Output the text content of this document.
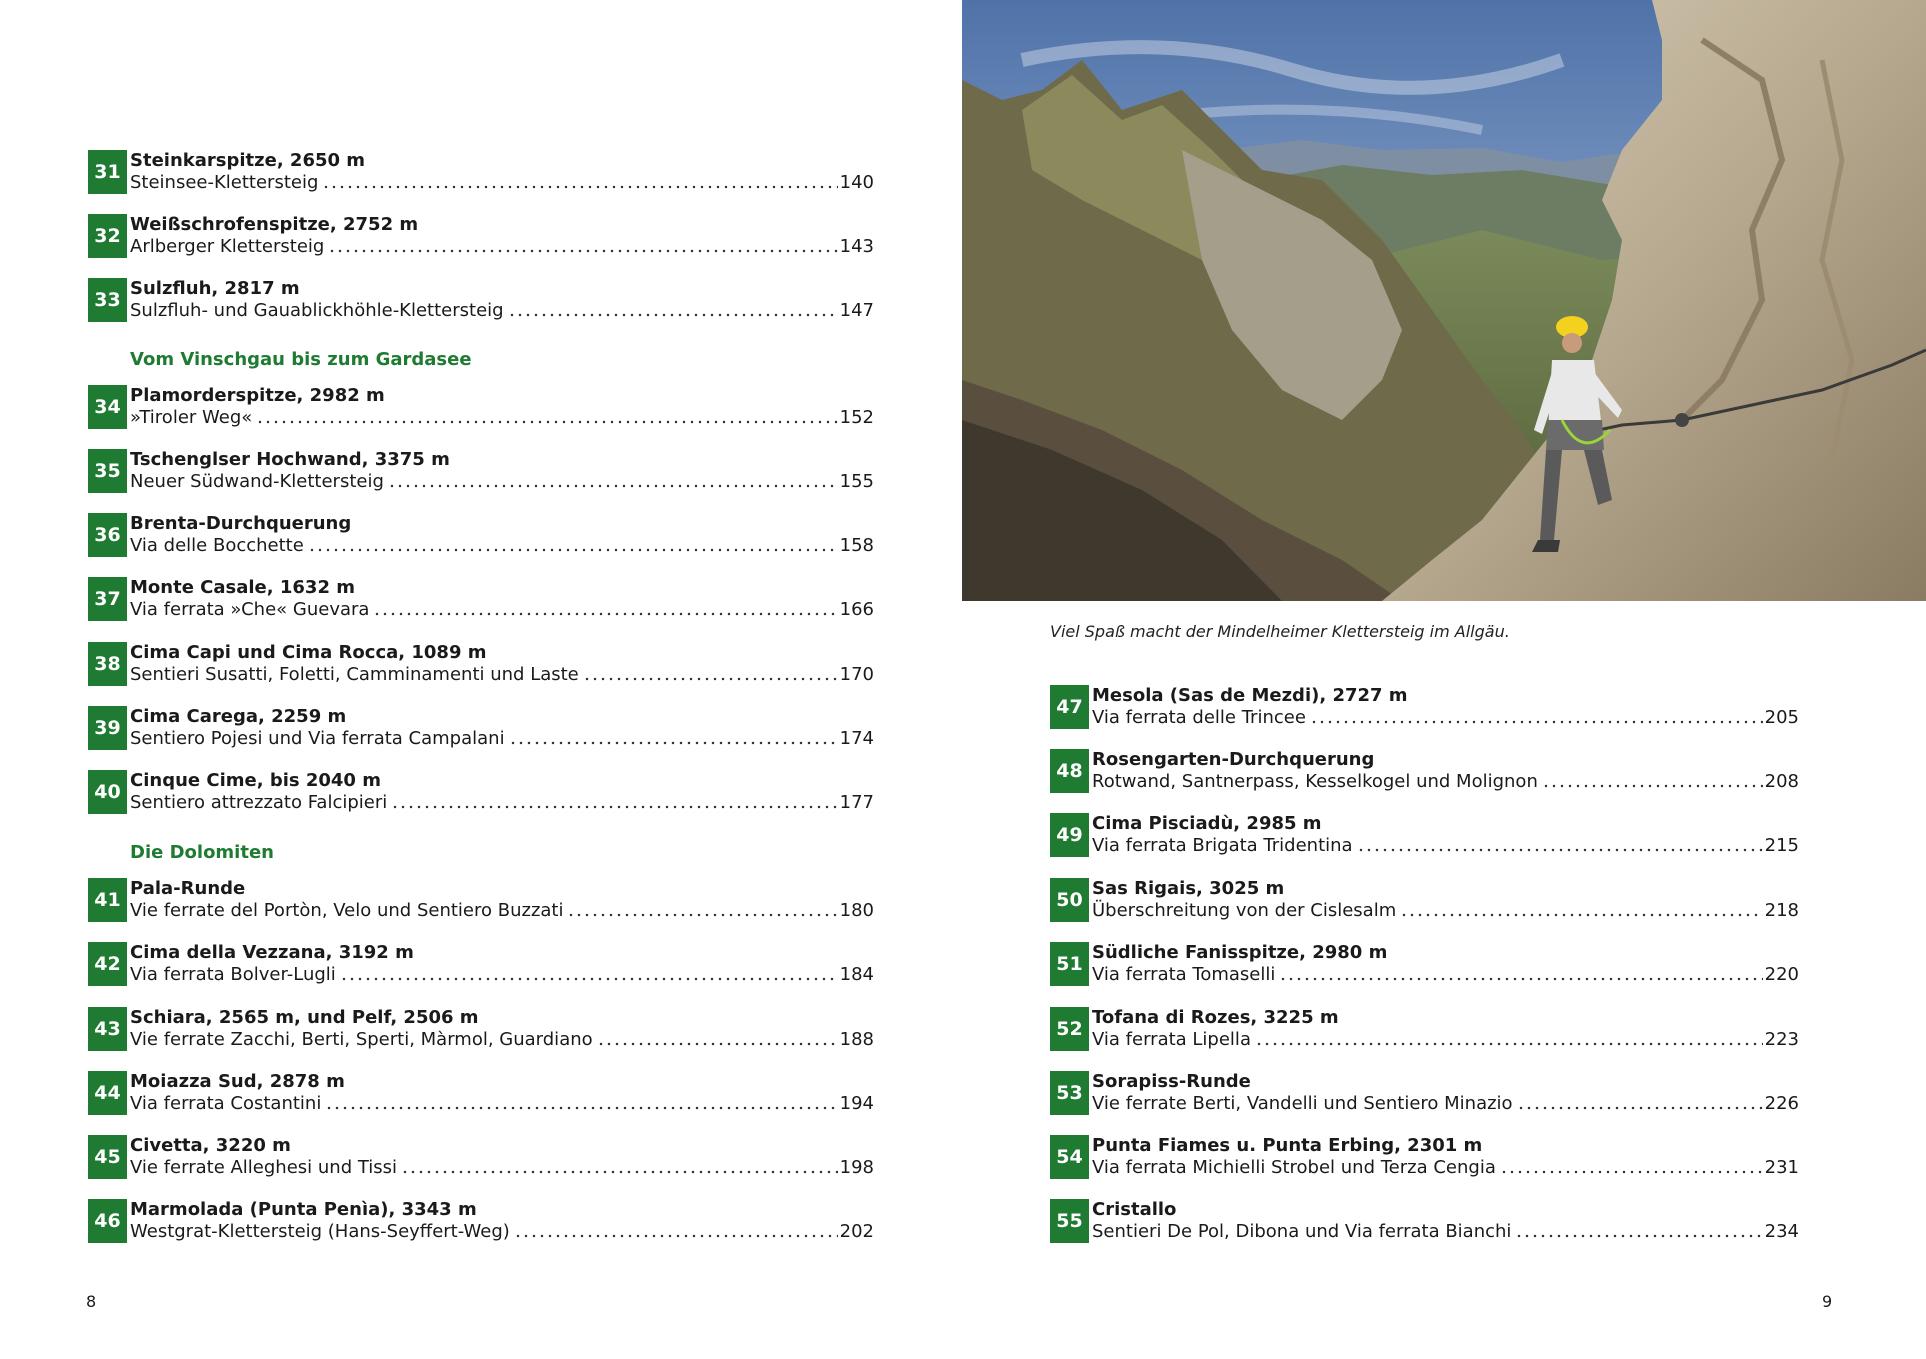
31
Steinkarspitze, 2650 m
Steinsee-Klettersteig	140
32
Weißschrofenspitze, 2752 m
Arlberger Klettersteig	143
33
Sulzfluh, 2817 m
Sulzfluh- und Gauablickhöhle-Klettersteig	147
Vom Vinschgau bis zum Gardasee
34
Plamorderspitze, 2982 m
»Tiroler Weg«	152
35
Tschenglser Hochwand, 3375 m
Neuer Südwand-Klettersteig	155
36
Brenta-Durchquerung
Via delle Bocchette	158
37
Monte Casale, 1632 m
Via ferrata »Che« Guevara	166
38
Cima Capi und Cima Rocca, 1089 m
Sentieri Susatti, Foletti, Camminamenti und Laste	170
39
Cima Carega, 2259 m
Sentiero Pojesi und Via ferrata Campalani	174
40
Cinque Cime, bis 2040 m
Sentiero attrezzato Falcipieri	177
Die Dolomiten
41
Pala-Runde
Vie ferrate del Portòn, Velo und Sentiero Buzzati	180
42
Cima della Vezzana, 3192 m
Via ferrata Bolver-Lugli	184
43
Schiara, 2565 m, und Pelf, 2506 m
Vie ferrate Zacchi, Berti, Sperti, Màrmol, Guardiano	188
44
Moiazza Sud, 2878 m
Via ferrata Costantini	194
45
Civetta, 3220 m
Vie ferrate Alleghesi und Tissi	198
46
Marmolada (Punta Penìa), 3343 m
Westgrat-Klettersteig (Hans-Seyffert-Weg)	202
8
Viel Spaß macht der Mindelheimer Klettersteig im Allgäu.
47
Mesola (Sas de Mezdi), 2727 m
Via ferrata delle Trincee	205
48
Rosengarten-Durchquerung
Rotwand, Santnerpass, Kesselkogel und Molignon	208
49
Cima Pisciadù, 2985 m
Via ferrata Brigata Tridentina	215
50
Sas Rigais, 3025 m
Überschreitung von der Cislesalm	218
51
Südliche Fanisspitze, 2980 m
Via ferrata Tomaselli	220
52
Tofana di Rozes, 3225 m
Via ferrata Lipella	223
53
Sorapiss-Runde
Vie ferrate Berti, Vandelli und Sentiero Minazio	226
54
Punta Fiames u. Punta Erbing, 2301 m
Via ferrata Michielli Strobel und Terza Cengia	231
55
Cristallo
Sentieri De Pol, Dibona und Via ferrata Bianchi	234
9
